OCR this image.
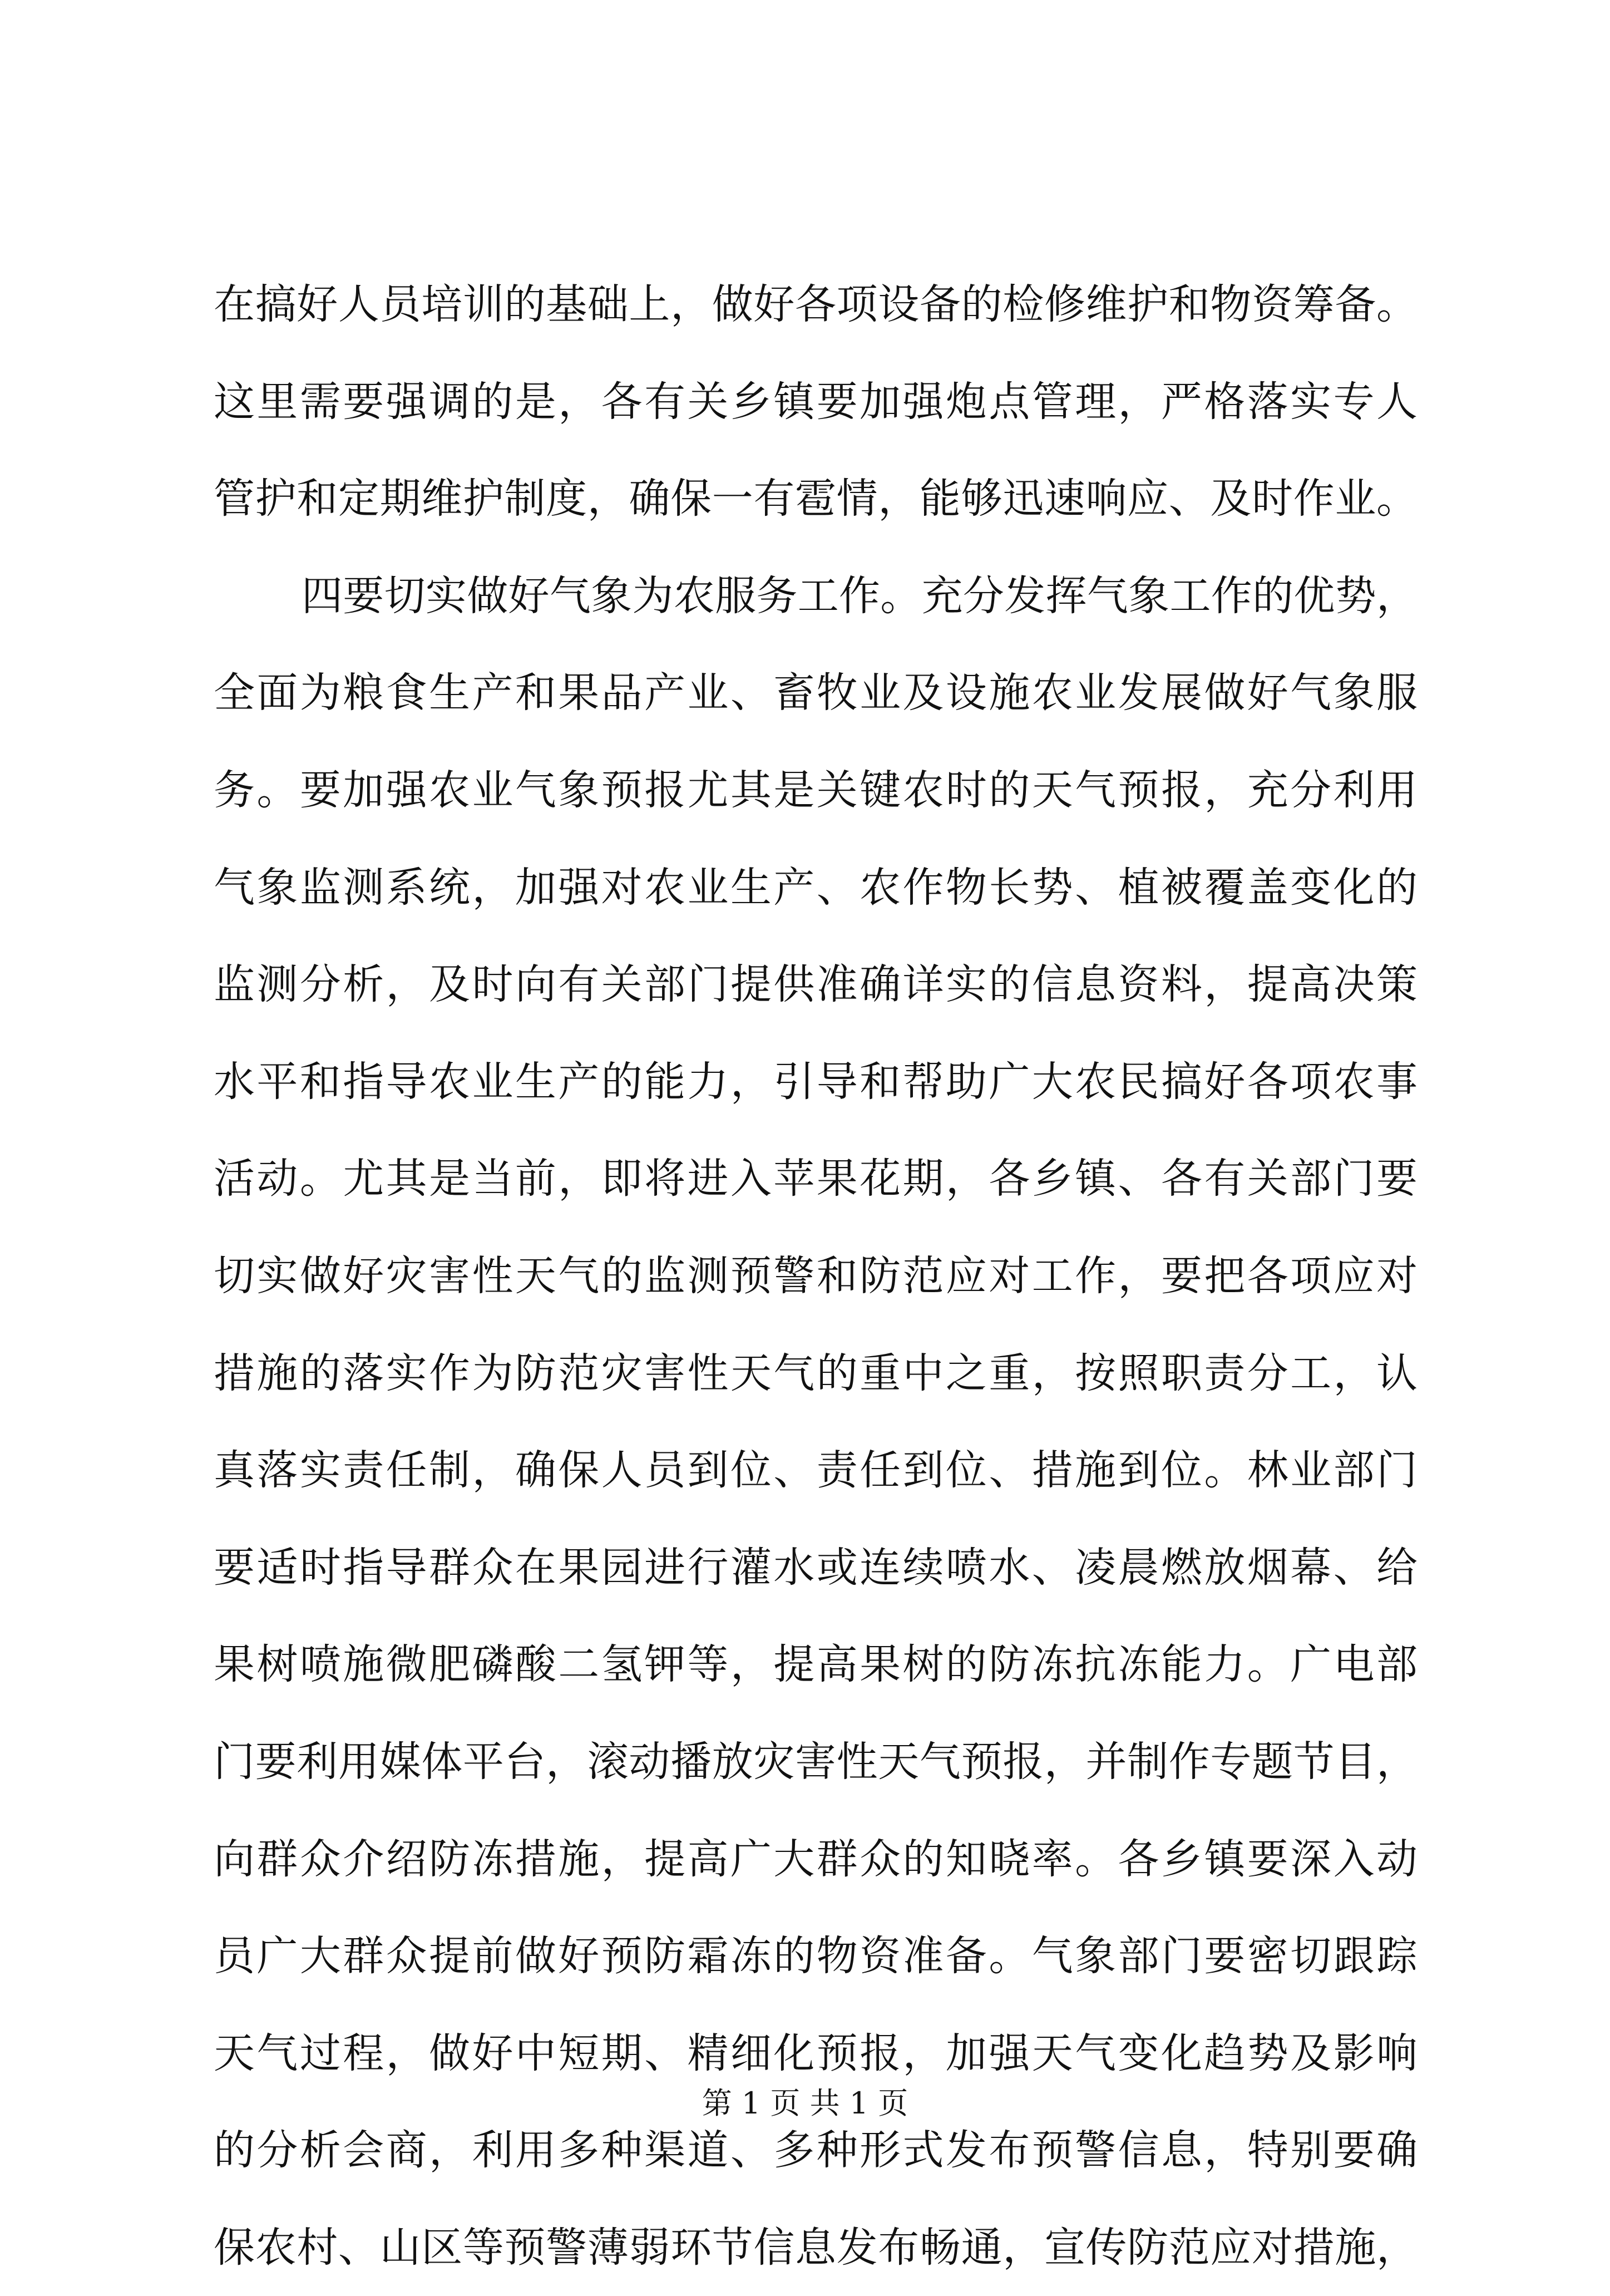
在搞好人员培训的基础上，做好各项设备的检修维护和物资筹备。
这里需要强调的是，各有关乡镇要加强炮点管理，严格落实专人
管护和定期维护制度，确保一有雹情，能够迅速响应、及时作业。
四要切实做好气象为农服务工作。充分发挥气象工作的优势，
全面为粮食生产和果品产业、畜牧业及设施农业发展做好气象服
务。要加强农业气象预报尤其是关键农时的天气预报，充分利用
气象监测系统，加强对农业生产、农作物长势、植被覆盖变化的
监测分析，及时向有关部门提供准确详实的信息资料，提高决策
水平和指导农业生产的能力，引导和帮助广大农民搞好各项农事
活动。尤其是当前，即将进入苹果花期，各乡镇、各有关部门要
切实做好灾害性天气的监测预警和防范应对工作，要把各项应对
措施的落实作为防范灾害性天气的重中之重，按照职责分工，认
真落实责任制，确保人员到位、责任到位、措施到位。林业部门
要适时指导群众在果园进行灌水或连续喷水、凌晨燃放烟幕、给
果树喷施微肥磷酸二氢钾等，提高果树的防冻抗冻能力。广电部
门要利用媒体平台，滚动播放灾害性天气预报，并制作专题节目，
向群众介绍防冻措施，提高广大群众的知晓率。各乡镇要深入动
员广大群众提前做好预防霜冻的物资准备。气象部门要密切跟踪
天气过程，做好中短期、精细化预报，加强天气变化趋势及影响
的分析会商，利用多种渠道、多种形式发布预警信息，特别要确
保农村、山区等预警薄弱环节信息发布畅通，宣传防范应对措施，
第 1 页 共 1 页
